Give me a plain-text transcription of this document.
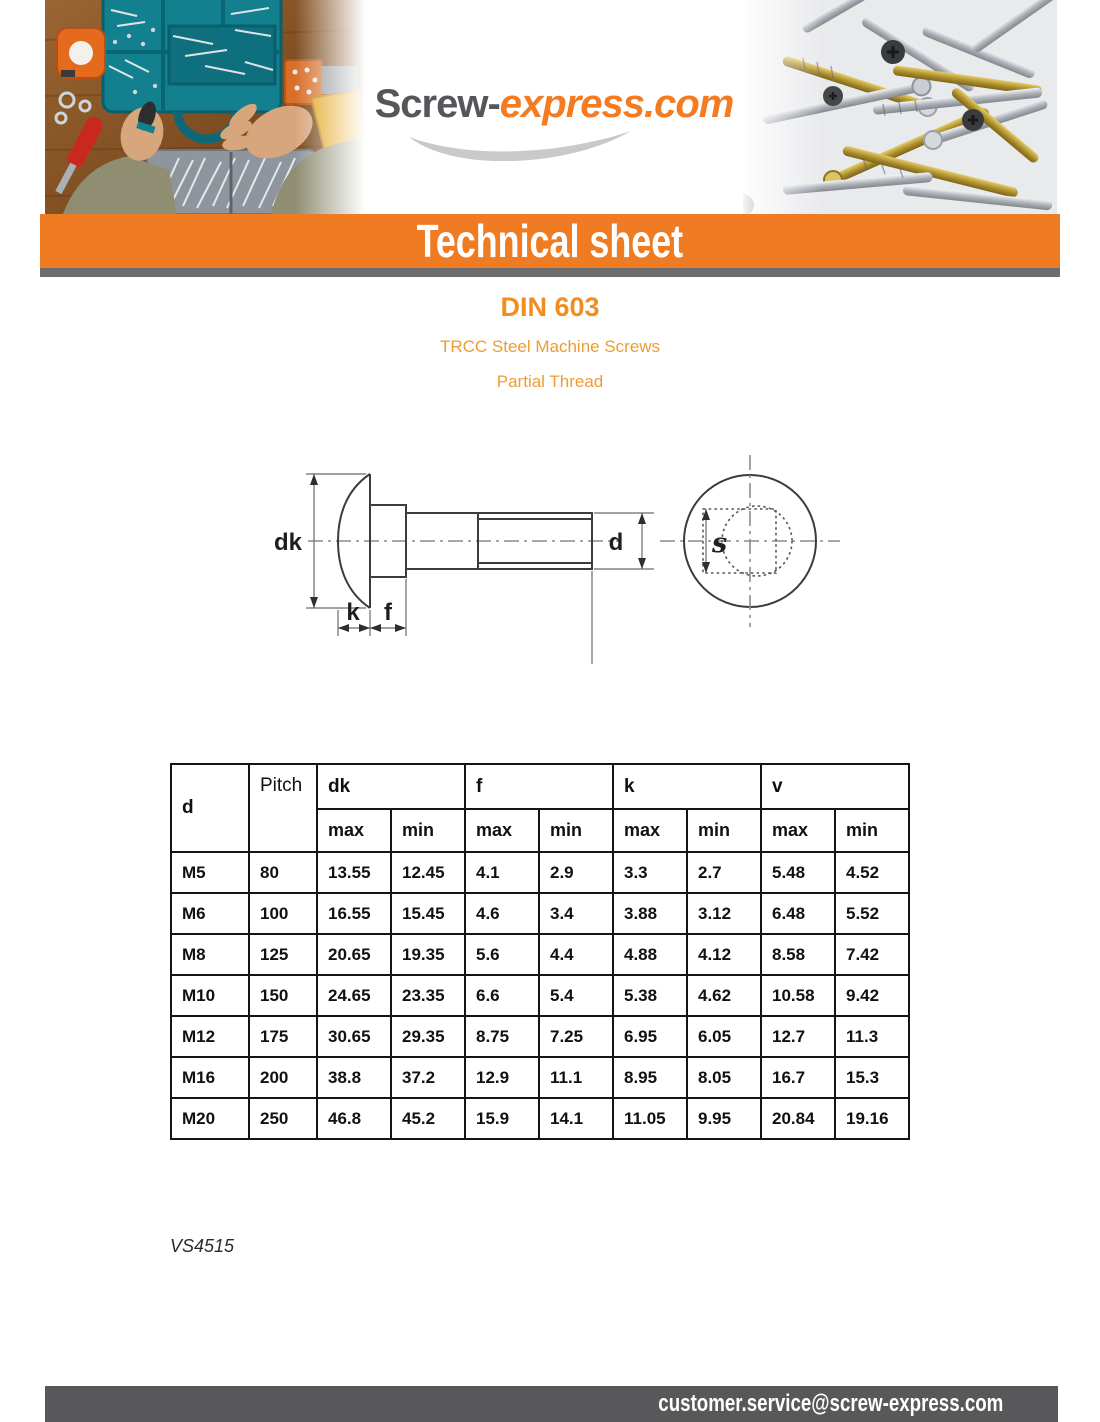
Screw-express.com
Technical sheet

DIN 603

TRCC Steel Machine Screws

Partial Thread

d
dk
k f
s
d	Pitch	dk		f		k		v	
		max	min	max	min	max	min	max	min
M5	80	13.55	12.45	4.1	2.9	3.3	2.7	5.48	4.52
M6	100	16.55	15.45	4.6	3.4	3.88	3.12	6.48	5.52
M8	125	20.65	19.35	5.6	4.4	4.88	4.12	8.58	7.42
M10	150	24.65	23.35	6.6	5.4	5.38	4.62	10.58	9.42
M12	175	30.65	29.35	8.75	7.25	6.95	6.05	12.7	11.3
M16	200	38.8	37.2	12.9	11.1	8.95	8.05	16.7	15.3
M20	250	46.8	45.2	15.9	14.1	11.05	9.95	20.84	19.16

VS4515

customer.service@screw-express.com
